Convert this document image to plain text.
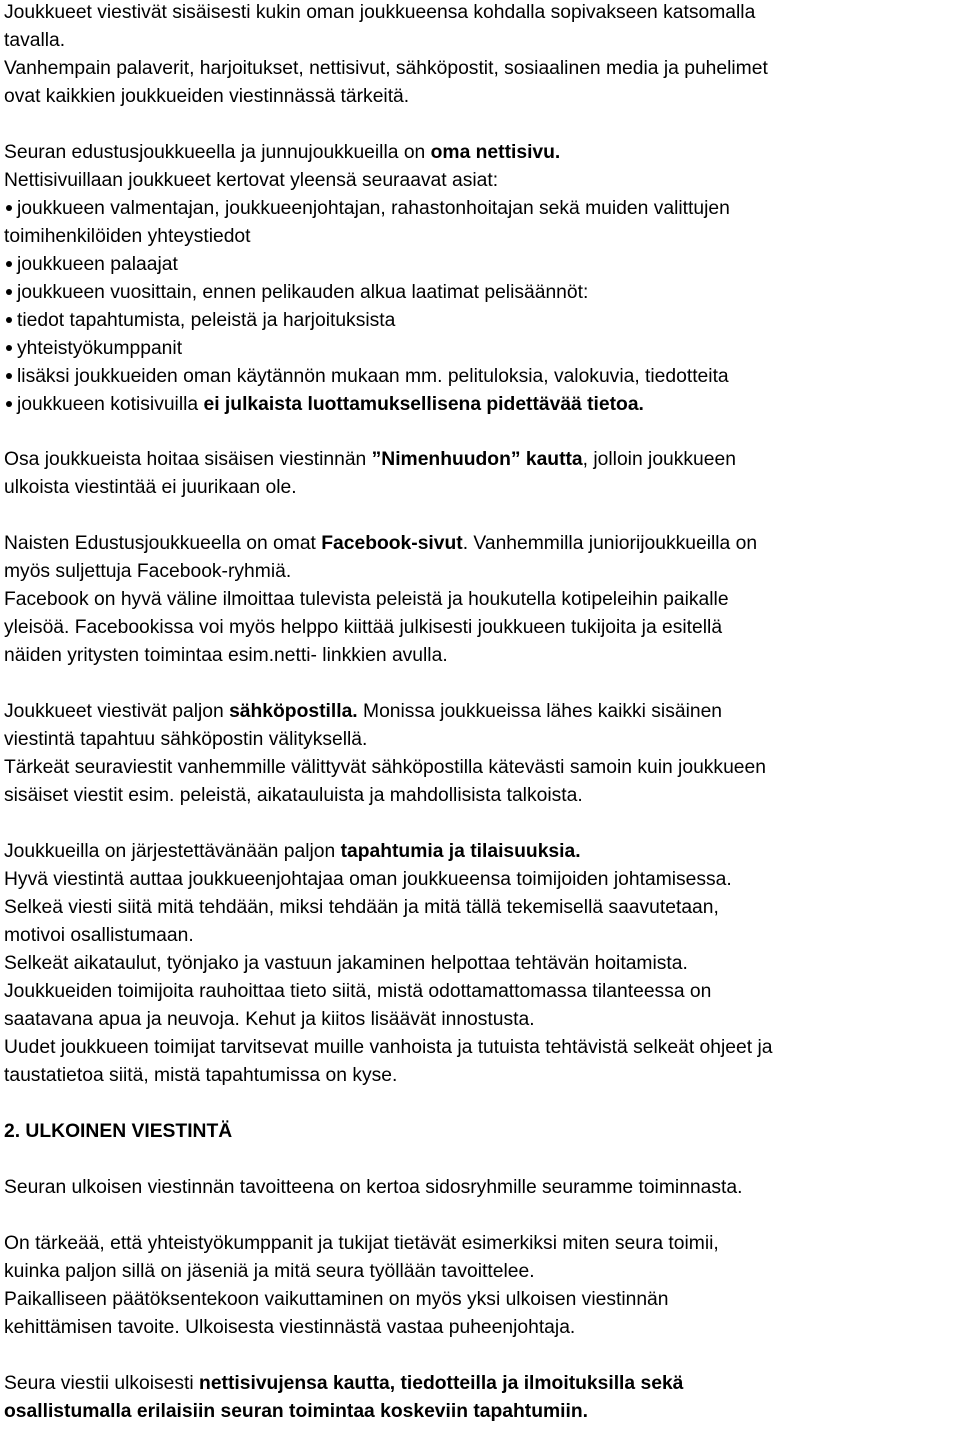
Joukkueet viestivät sisäisesti kukin oman joukkueensa kohdalla sopivakseen katsomalla
tavalla.
Vanhempain palaverit, harjoitukset, nettisivut, sähköpostit, sosiaalinen media ja puhelimet
ovat kaikkien joukkueiden viestinnässä tärkeitä.
Seuran edustusjoukkueella ja junnujoukkueilla on oma nettisivu.
Nettisivuillaan joukkueet kertovat yleensä seuraavat asiat:
joukkueen valmentajan, joukkueenjohtajan, rahastonhoitajan sekä muiden valittujen
toimihenkilöiden yhteystiedot
joukkueen palaajat
joukkueen vuosittain, ennen pelikauden alkua laatimat pelisäännöt:
tiedot tapahtumista, peleistä ja harjoituksista
yhteistyökumppanit
lisäksi joukkueiden oman käytännön mukaan mm. pelituloksia, valokuvia, tiedotteita
joukkueen kotisivuilla ei julkaista luottamuksellisena pidettävää tietoa.
Osa joukkueista hoitaa sisäisen viestinnän ”Nimenhuudon” kautta, jolloin joukkueen
ulkoista viestintää ei juurikaan ole.
Naisten Edustusjoukkueella on omat Facebook-sivut. Vanhemmilla juniorijoukkueilla on
myös suljettuja Facebook-ryhmiä.
Facebook on hyvä väline ilmoittaa tulevista peleistä ja houkutella kotipeleihin paikalle
yleisöä. Facebookissa voi myös helppo kiittää julkisesti joukkueen tukijoita ja esitellä
näiden yritysten toimintaa esim.netti- linkkien avulla.
Joukkueet viestivät paljon sähköpostilla. Monissa joukkueissa lähes kaikki sisäinen
viestintä tapahtuu sähköpostin välityksellä.
Tärkeät seuraviestit vanhemmille välittyvät sähköpostilla kätevästi samoin kuin joukkueen
sisäiset viestit esim. peleistä, aikatauluista ja mahdollisista talkoista.
Joukkueilla on järjestettävänään paljon tapahtumia ja tilaisuuksia.
Hyvä viestintä auttaa joukkueenjohtajaa oman joukkueensa toimijoiden johtamisessa.
Selkeä viesti siitä mitä tehdään, miksi tehdään ja mitä tällä tekemisellä saavutetaan,
motivoi osallistumaan.
Selkeät aikataulut, työnjako ja vastuun jakaminen helpottaa tehtävän hoitamista.
Joukkueiden toimijoita rauhoittaa tieto siitä, mistä odottamattomassa tilanteessa on
saatavana apua ja neuvoja. Kehut ja kiitos lisäävät innostusta.
Uudet joukkueen toimijat tarvitsevat muille vanhoista ja tutuista tehtävistä selkeät ohjeet ja
taustatietoa siitä, mistä tapahtumissa on kyse.
2. ULKOINEN VIESTINTÄ
Seuran ulkoisen viestinnän tavoitteena on kertoa sidosryhmille seuramme toiminnasta.
On tärkeää, että yhteistyökumppanit ja tukijat tietävät esimerkiksi miten seura toimii,
kuinka paljon sillä on jäseniä ja mitä seura työllään tavoittelee.
Paikalliseen päätöksentekoon vaikuttaminen on myös yksi ulkoisen viestinnän
kehittämisen tavoite. Ulkoisesta viestinnästä vastaa puheenjohtaja.
Seura viestii ulkoisesti nettisivujensa kautta, tiedotteilla ja ilmoituksilla sekä
osallistumalla erilaisiin seuran toimintaa koskeviin tapahtumiin.
